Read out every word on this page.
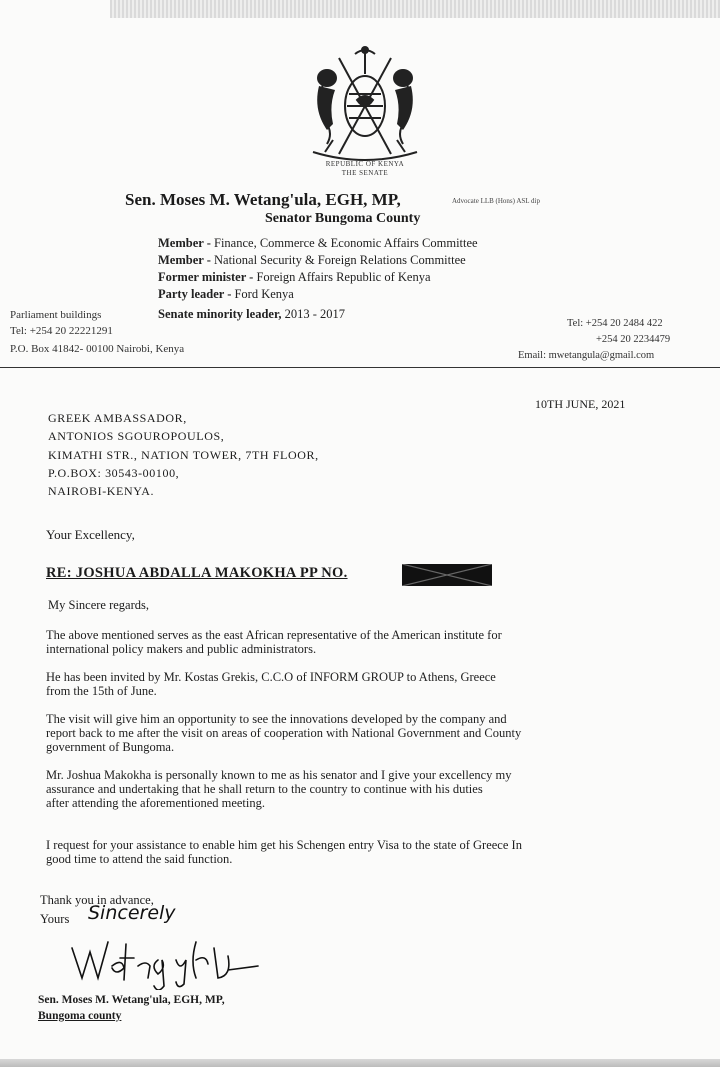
REPUBLIC OF KENYA
THE SENATE
Sen. Moses M. Wetang'ula, EGH, MP,	Advocate LLB (Hons) ASL dip
Senator Bungoma County
Member - Finance, Commerce & Economic Affairs Committee
Member - National Security & Foreign Relations Committee
Former minister - Foreign Affairs Republic of Kenya
Party leader - Ford Kenya
Senate minority leader, 2013 - 2017
Parliament buildings
Tel: +254 20 22221291
P.O. Box 41842- 00100 Nairobi, Kenya
Tel: +254 20 2484 422
+254 20 2234479
Email: mwetangula@gmail.com
10TH JUNE, 2021
GREEK AMBASSADOR,
ANTONIOS SGOUROPOULOS,
KIMATHI STR., NATION TOWER, 7TH FLOOR,
P.O.BOX: 30543-00100,
NAIROBI-KENYA.
Your Excellency,
RE: JOSHUA ABDALLA MAKOKHA PP NO.
My Sincere regards,
The above mentioned serves as the east African representative of the American institute for
international policy makers and public administrators.
He has been invited by Mr. Kostas Grekis, C.C.O of INFORM GROUP to Athens, Greece
from the 15th of June.
The visit will give him an opportunity to see the innovations developed by the company and
report back to me after the visit on areas of cooperation with National Government and County
government of Bungoma.
Mr. Joshua Makokha is personally known to me as his senator and I give your excellency my
assurance and undertaking that he shall return to the country to continue with his duties
after attending the aforementioned meeting.
I request for your assistance to enable him get his Schengen entry Visa to the state of Greece In
good time to attend the said function.
Thank you in advance,
Yours Sincerely
Sen. Moses M. Wetang'ula, EGH, MP,
Bungoma county
